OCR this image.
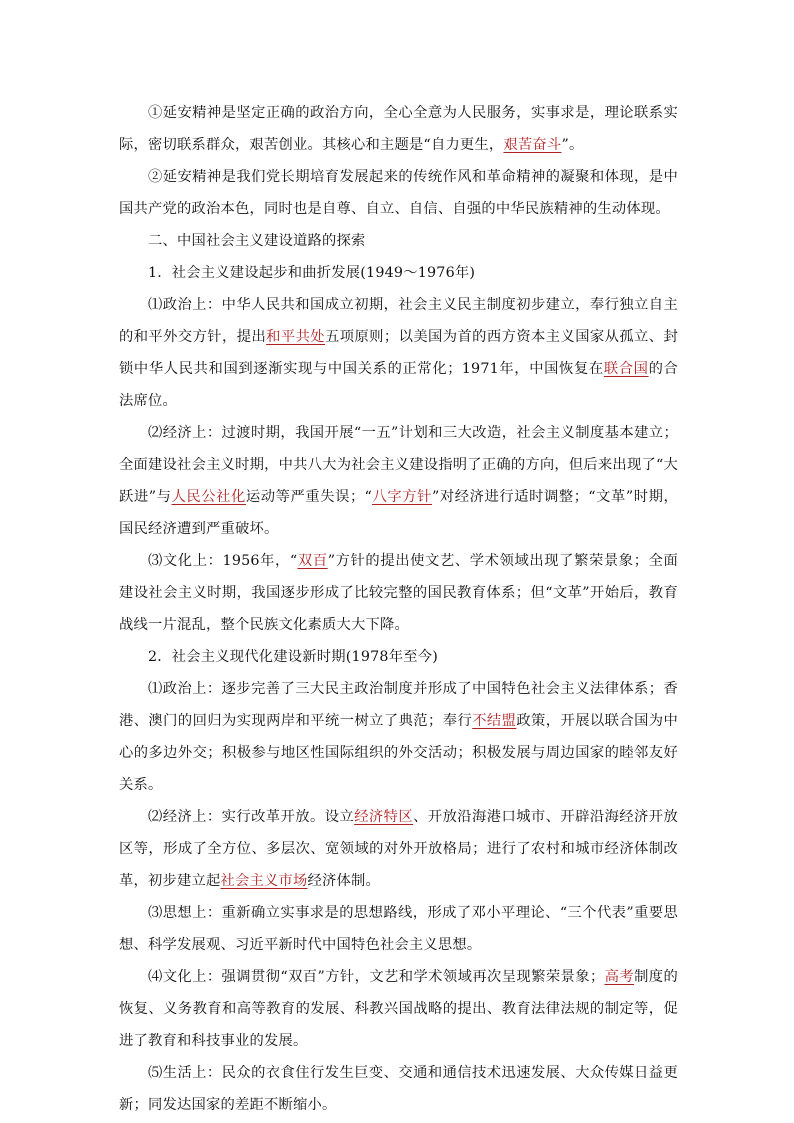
①延安精神是坚定正确的政治方向，全心全意为人民服务，实事求是，理论联系实际，密切联系群众，艰苦创业。其核心和主题是“自力更生，艰苦奋斗”。

②延安精神是我们党长期培育发展起来的传统作风和革命精神的凝聚和体现，是中国共产党的政治本色，同时也是自尊、自立、自信、自强的中华民族精神的生动体现。

二、中国社会主义建设道路的探索

1．社会主义建设起步和曲折发展(1949～1976年)

⑴政治上：中华人民共和国成立初期，社会主义民主制度初步建立，奉行独立自主的和平外交方针，提出和平共处五项原则；以美国为首的西方资本主义国家从孤立、封锁中华人民共和国到逐渐实现与中国关系的正常化；1971年，中国恢复在联合国的合法席位。

⑵经济上：过渡时期，我国开展“一五”计划和三大改造，社会主义制度基本建立；全面建设社会主义时期，中共八大为社会主义建设指明了正确的方向，但后来出现了“大跃进”与人民公社化运动等严重失误；“八字方针”对经济进行适时调整；“文革”时期，国民经济遭到严重破坏。

⑶文化上：1956年，“双百”方针的提出使文艺、学术领域出现了繁荣景象；全面建设社会主义时期，我国逐步形成了比较完整的国民教育体系；但“文革”开始后，教育战线一片混乱，整个民族文化素质大大下降。

2．社会主义现代化建设新时期(1978年至今)

⑴政治上：逐步完善了三大民主政治制度并形成了中国特色社会主义法律体系；香港、澳门的回归为实现两岸和平统一树立了典范；奉行不结盟政策，开展以联合国为中心的多边外交；积极参与地区性国际组织的外交活动；积极发展与周边国家的睦邻友好关系。

⑵经济上：实行改革开放。设立经济特区、开放沿海港口城市、开辟沿海经济开放区等，形成了全方位、多层次、宽领域的对外开放格局；进行了农村和城市经济体制改革，初步建立起社会主义市场经济体制。

⑶思想上：重新确立实事求是的思想路线，形成了邓小平理论、“三个代表”重要思想、科学发展观、习近平新时代中国特色社会主义思想。

⑷文化上：强调贯彻“双百”方针，文艺和学术领域再次呈现繁荣景象；高考制度的恢复、义务教育和高等教育的发展、科教兴国战略的提出、教育法律法规的制定等，促进了教育和科技事业的发展。

⑸生活上：民众的衣食住行发生巨变、交通和通信技术迅速发展、大众传媒日益更新；同发达国家的差距不断缩小。
